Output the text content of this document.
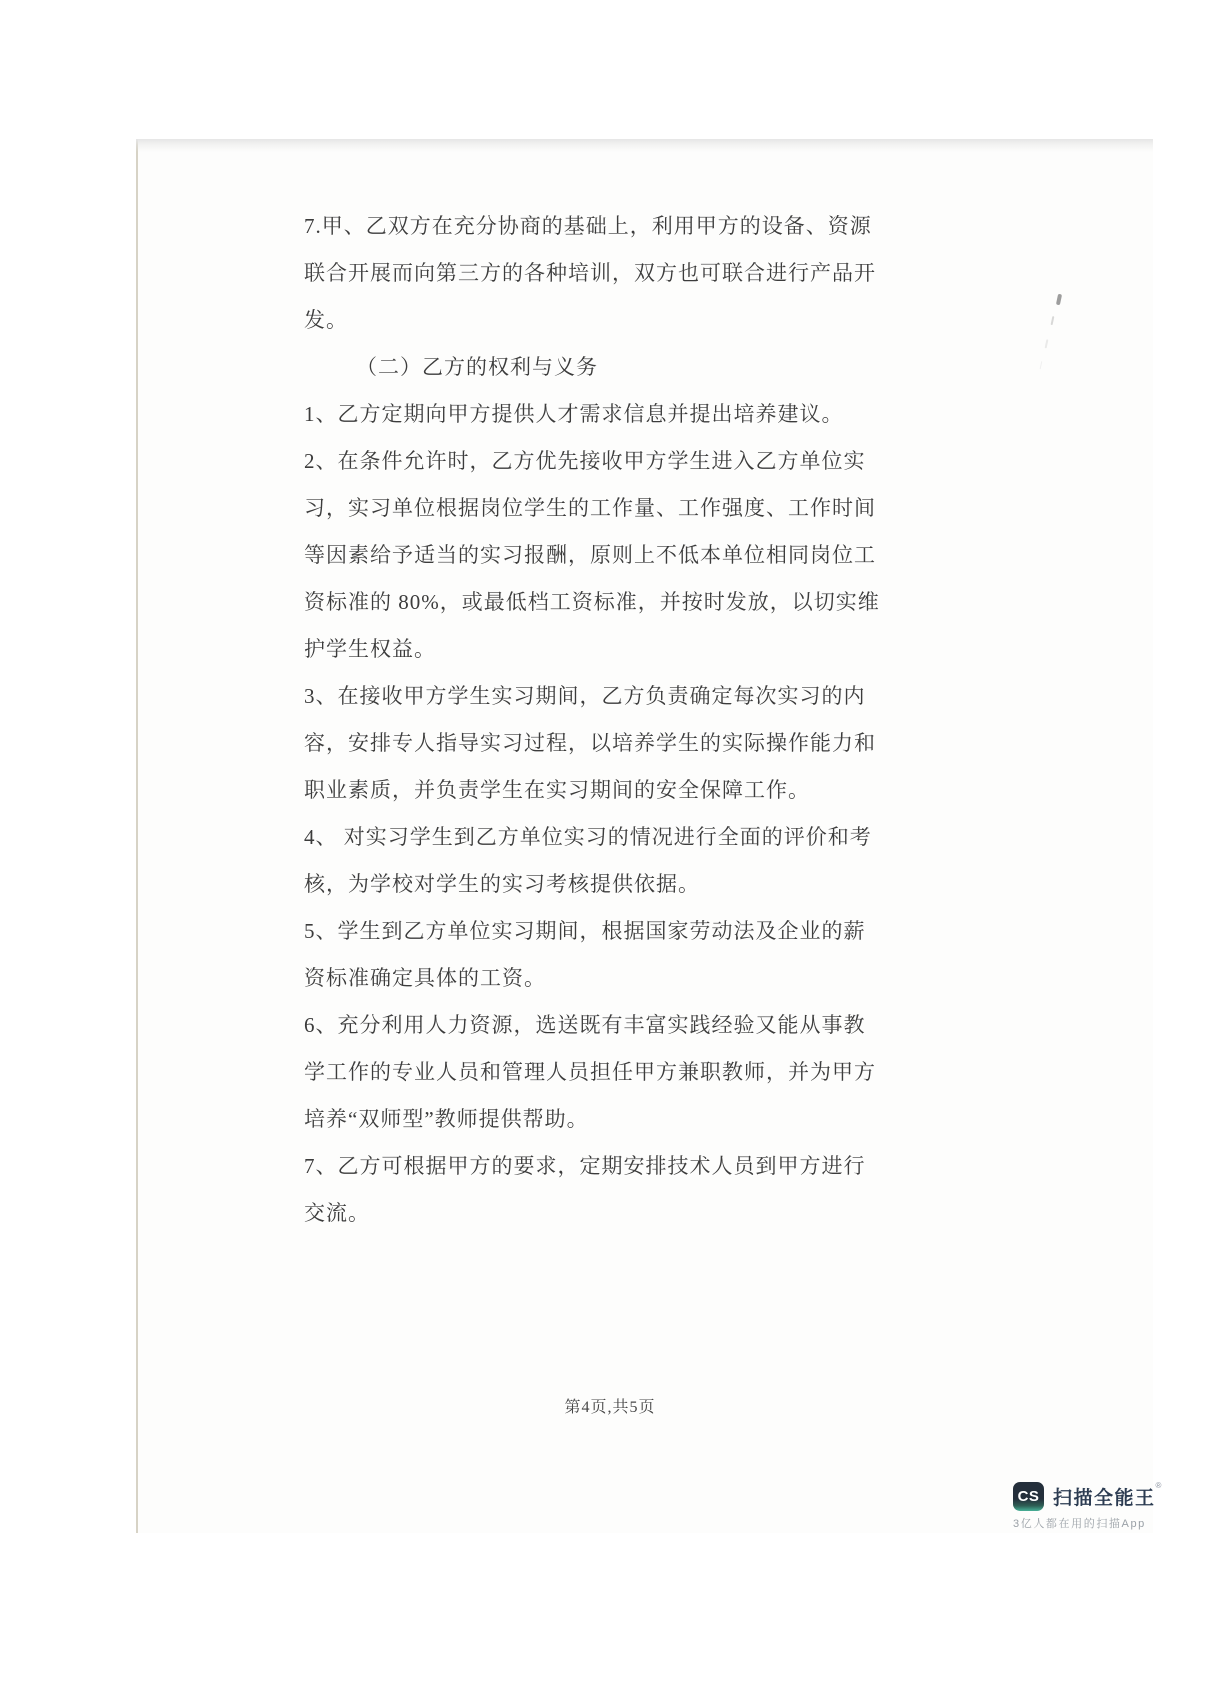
7.甲、乙双方在充分协商的基础上，利用甲方的设备、资源
联合开展而向第三方的各种培训，双方也可联合进行产品开
发。
（二）乙方的权利与义务
1、乙方定期向甲方提供人才需求信息并提出培养建议。
2、在条件允许时，乙方优先接收甲方学生进入乙方单位实
习，实习单位根据岗位学生的工作量、工作强度、工作时间
等因素给予适当的实习报酬，原则上不低本单位相同岗位工
资标准的 80%，或最低档工资标准，并按时发放，以切实维
护学生权益。
3、在接收甲方学生实习期间，乙方负责确定每次实习的内
容，安排专人指导实习过程，以培养学生的实际操作能力和
职业素质，并负责学生在实习期间的安全保障工作。
4、 对实习学生到乙方单位实习的情况进行全面的评价和考
核，为学校对学生的实习考核提供依据。
5、学生到乙方单位实习期间，根据国家劳动法及企业的薪
资标准确定具体的工资。
6、充分利用人力资源，选送既有丰富实践经验又能从事教
学工作的专业人员和管理人员担任甲方兼职教师，并为甲方
培养“双师型”教师提供帮助。
7、乙方可根据甲方的要求，定期安排技术人员到甲方进行
交流。
第4页,共5页
CS 扫描全能王®
3亿人都在用的扫描App
